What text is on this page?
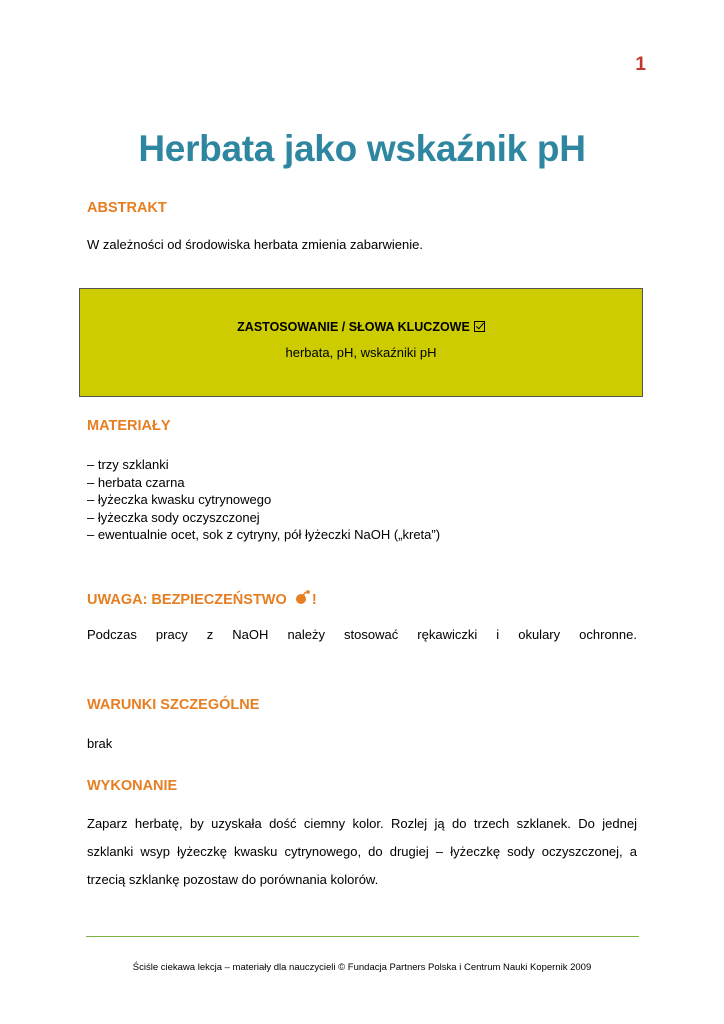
1
Herbata jako wskaźnik pH
ABSTRAKT
W zależności od środowiska herbata zmienia zabarwienie.
ZASTOSOWANIE / SŁOWA KLUCZOWE
herbata, pH, wskaźniki pH
MATERIAŁY
– trzy szklanki
– herbata czarna
– łyżeczka kwasku cytrynowego
– łyżeczka sody oczyszczonej
– ewentualnie ocet, sok z cytryny, pół łyżeczki NaOH („kreta”)
UWAGA: BEZPIECZEŃSTWO !
Podczas pracy z NaOH należy stosować rękawiczki i okulary ochronne.
WARUNKI SZCZEGÓLNE
brak
WYKONANIE
Zaparz herbatę, by uzyskała dość ciemny kolor. Rozlej ją do trzech szklanek. Do jednej
szklanki wsyp łyżeczkę kwasku cytrynowego, do drugiej – łyżeczkę sody oczyszczonej, a
trzecią szklankę pozostaw do porównania kolorów.
Ściśle ciekawa lekcja – materiały dla nauczycieli © Fundacja Partners Polska i Centrum Nauki Kopernik 2009
